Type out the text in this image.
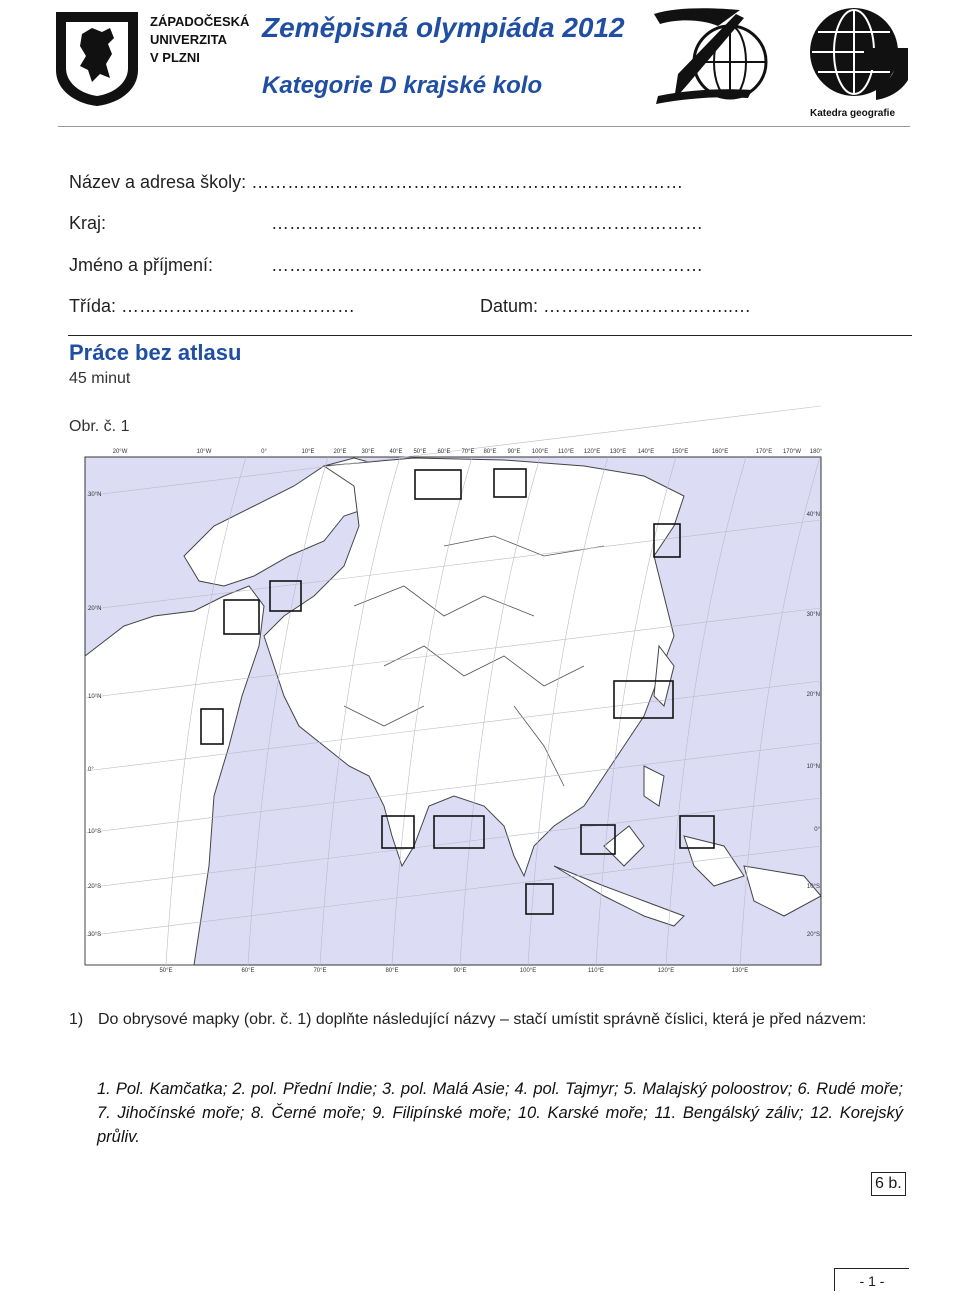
ZÁPADOČESKÁ
UNIVERZITA
V PLZNI
Zeměpisná olympiáda 2012
Kategorie D krajské kolo
Katedra geografie
Název a adresa školy: ………………………………………………………………
Kraj:	………………………………………………………………
Jméno a příjmení:	………………………………………………………………
Třída: …………………………………	Datum: …………………………..…
Práce bez atlasu
45 minut
Obr. č. 1
20°W	10°W	0°	10°E	20°E 30°E 40°E 50°E 60°E 70°E 80°E 90°E 100°E 110°E 120°E 130°E 140°E	150°E	160°E	170°E	180°
170°W
50°E	60°E	70°E	80°E	90°E	100°E	110°E	120°E	130°E
30°N
20°N
10°N
0°
10°S
20°S
30°S
40°N
30°N
20°N
10°N
0°
10°S
20°S
1) Do obrysové mapky (obr. č. 1) doplňte následující názvy – stačí umístit správně číslici, která je před názvem:
1. Pol. Kamčatka; 2. pol. Přední Indie; 3. pol. Malá Asie; 4. pol. Tajmyr; 5. Malajský poloostrov; 6. Rudé moře; 7. Jihočínské moře; 8. Černé moře; 9. Filipínské moře; 10. Karské moře; 11. Bengálský záliv; 12. Korejský průliv.
6 b.
- 1 -
